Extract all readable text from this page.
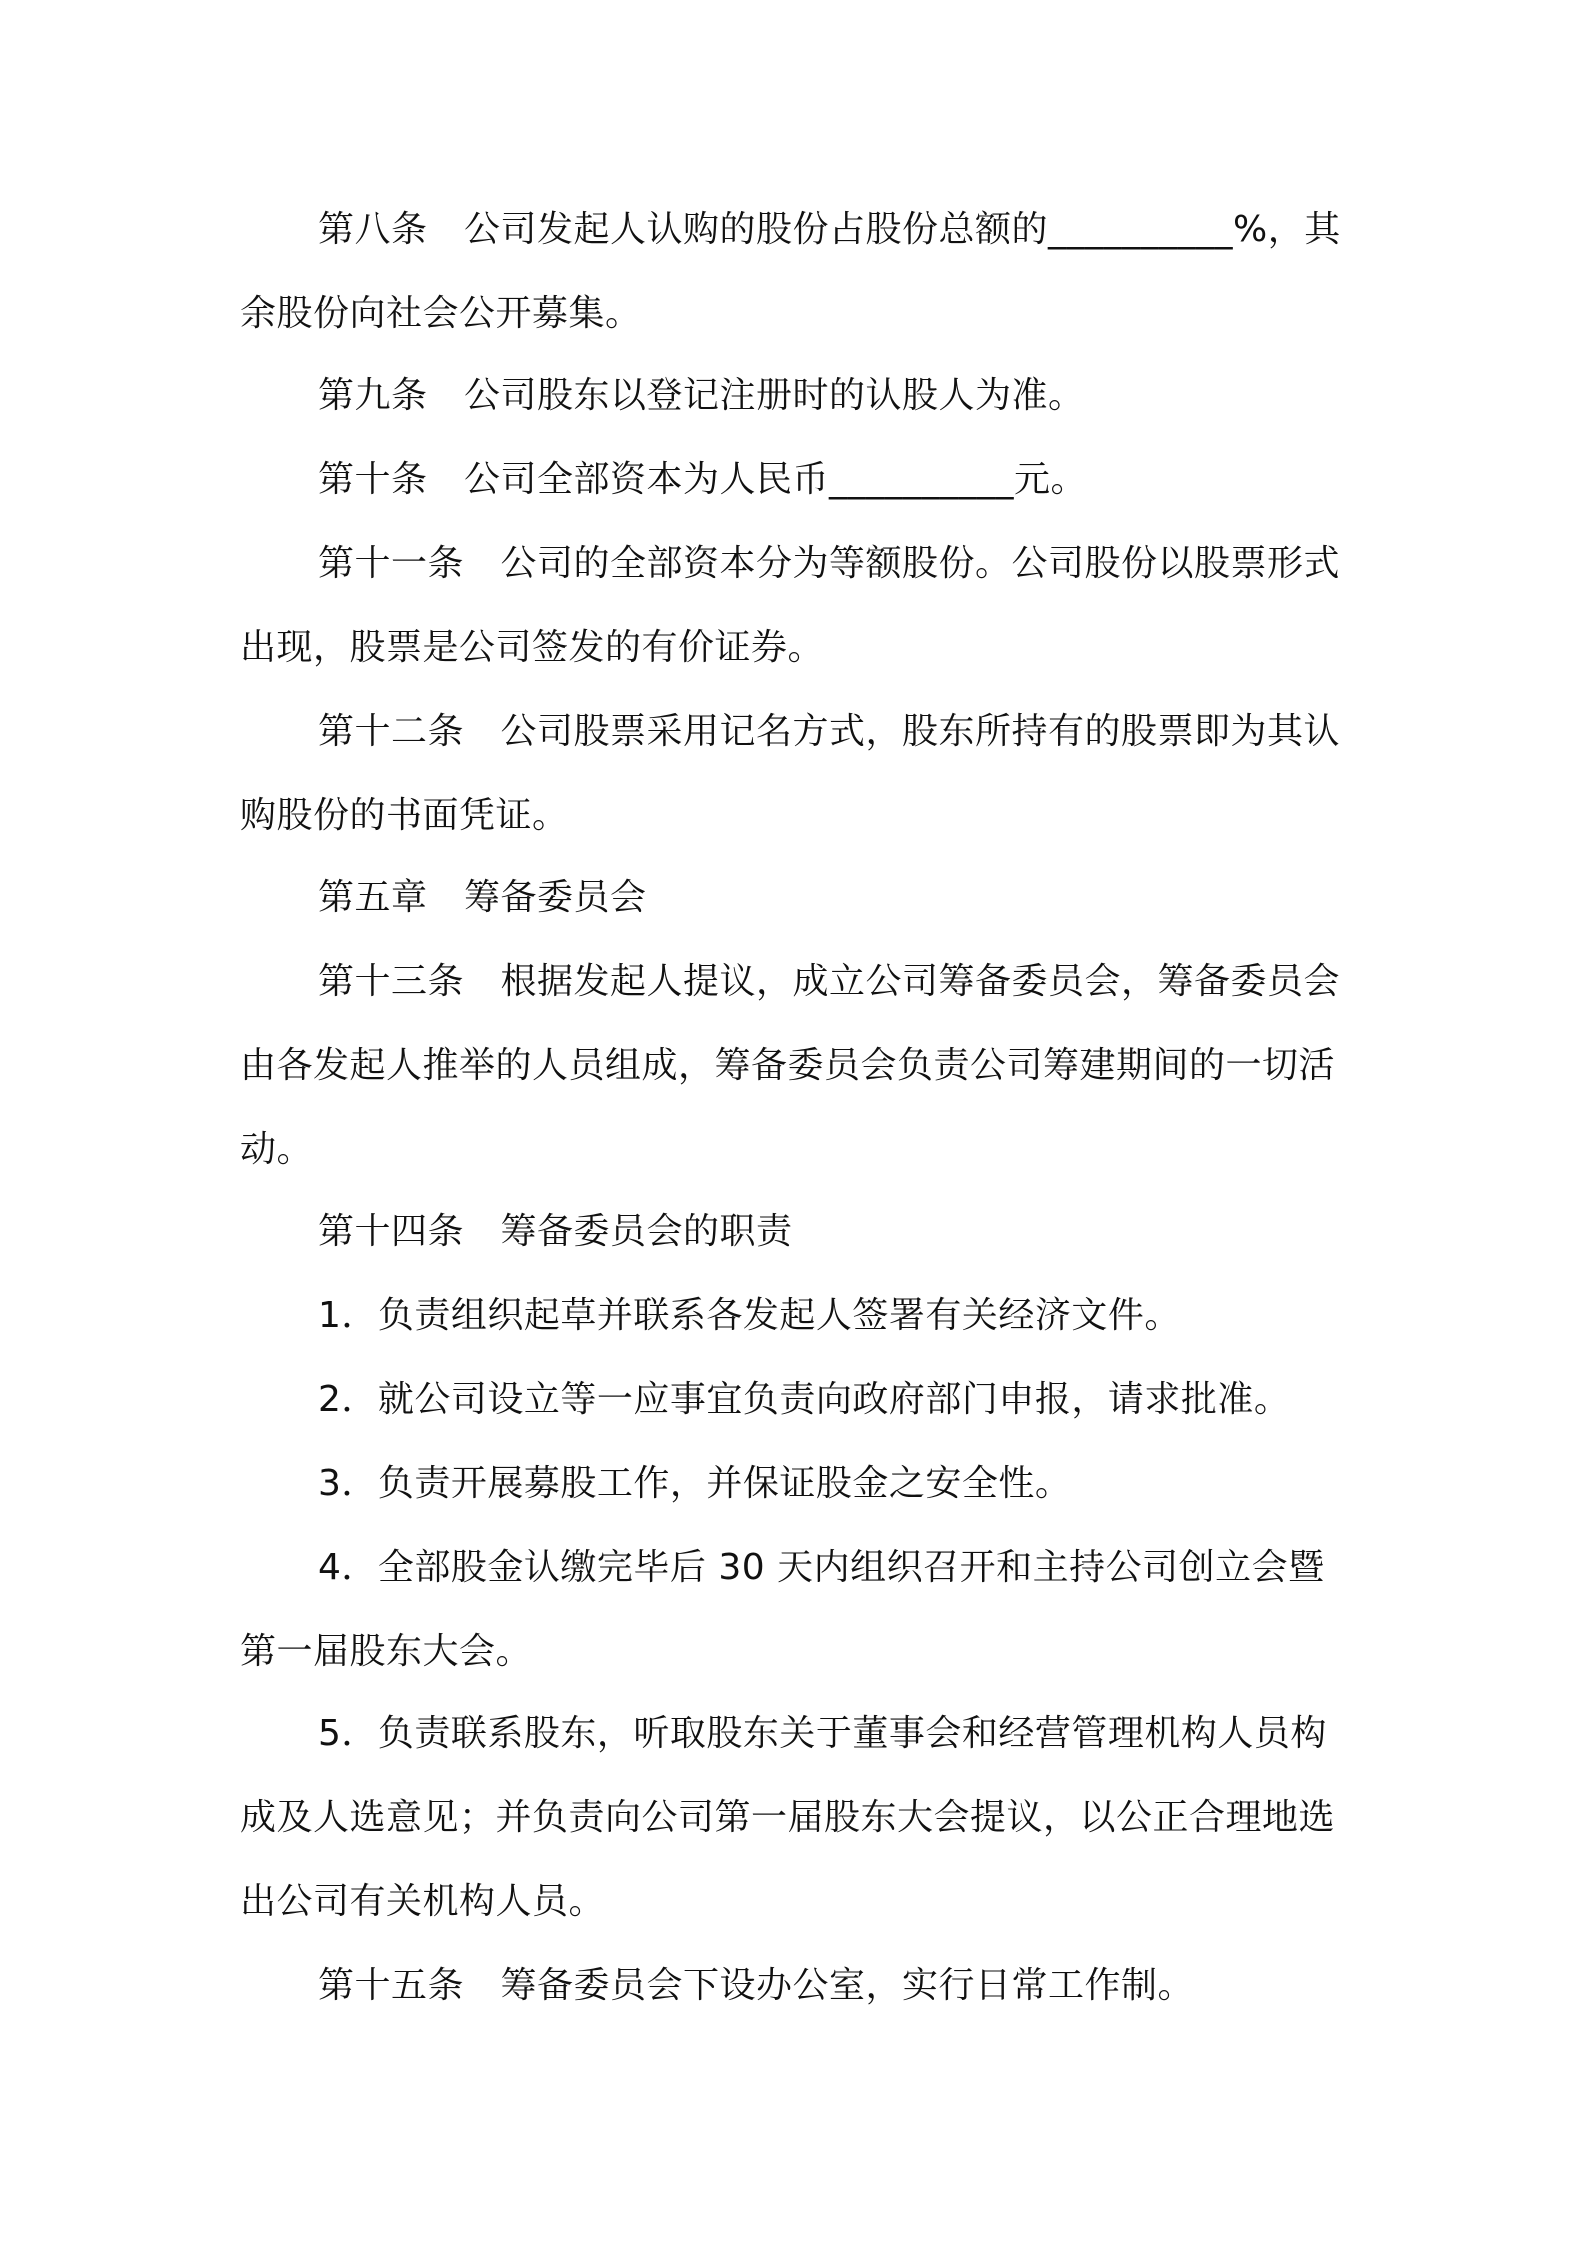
第八条　公司发起人认购的股份占股份总额的__________%，其
余股份向社会公开募集。
第九条　公司股东以登记注册时的认股人为准。
第十条　公司全部资本为人民币__________元。
第十一条　公司的全部资本分为等额股份。公司股份以股票形式
出现，股票是公司签发的有价证券。
第十二条　公司股票采用记名方式，股东所持有的股票即为其认
购股份的书面凭证。
第五章　筹备委员会
第十三条　根据发起人提议，成立公司筹备委员会，筹备委员会
由各发起人推举的人员组成，筹备委员会负责公司筹建期间的一切活
动。
第十四条　筹备委员会的职责
1．负责组织起草并联系各发起人签署有关经济文件。
2．就公司设立等一应事宜负责向政府部门申报，请求批准。
3．负责开展募股工作，并保证股金之安全性。
4．全部股金认缴完毕后 30 天内组织召开和主持公司创立会暨
第一届股东大会。
5．负责联系股东，听取股东关于董事会和经营管理机构人员构
成及人选意见；并负责向公司第一届股东大会提议，以公正合理地选
出公司有关机构人员。
第十五条　筹备委员会下设办公室，实行日常工作制。
